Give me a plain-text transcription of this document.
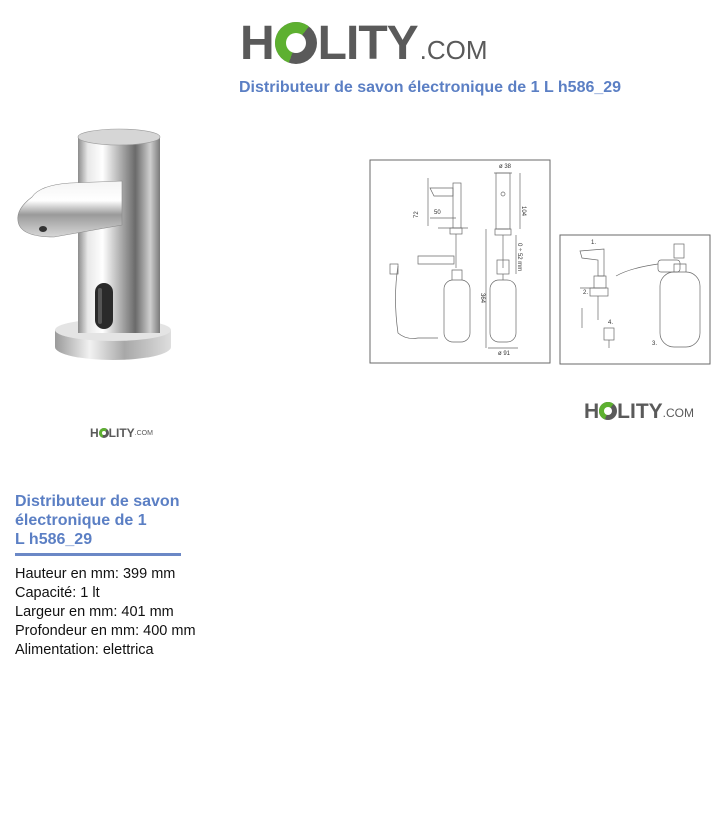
H LITY .COM
Distributeur de savon électronique de 1 L h586_29
H LITY .COM
ø 38
104
72 50
0 ÷ 52 mm
364
ø 91
1.
2.
3.
4.
H LITY .COM
Distributeur de savon
électronique de 1
L h586_29
Hauteur en mm: 399 mm
Capacité: 1 lt
Largeur en mm: 401 mm
Profondeur en mm: 400 mm
Alimentation: elettrica
